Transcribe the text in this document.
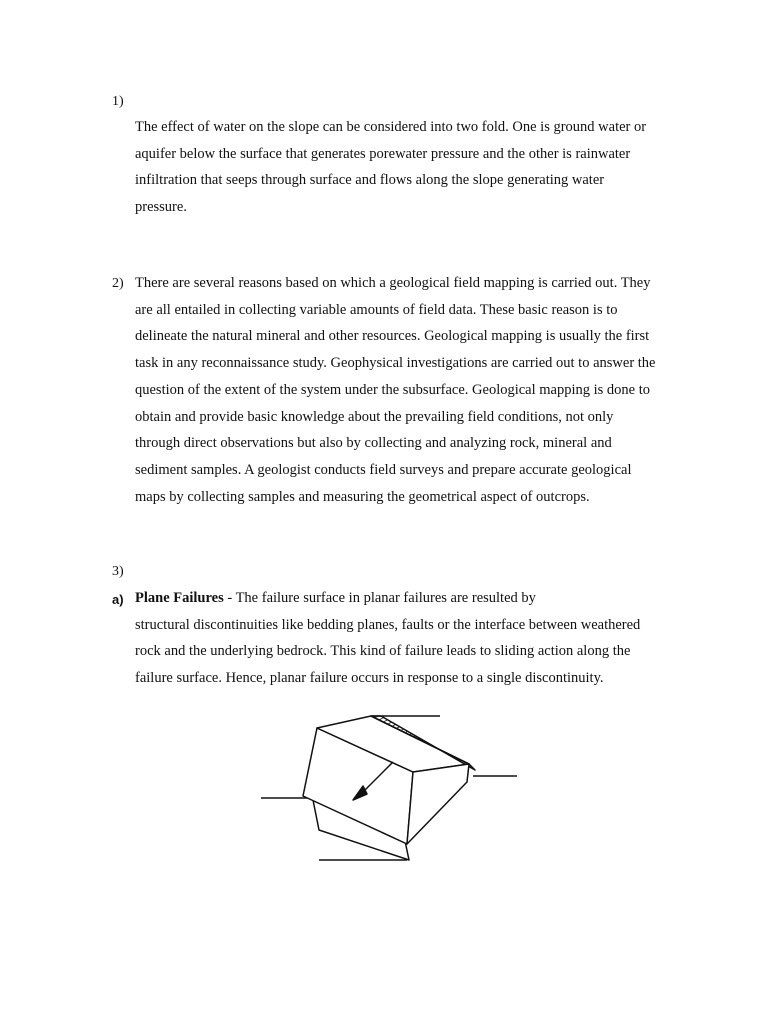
1)
The effect of water on the slope can be considered into two fold. One is ground water or
aquifer below the surface that generates porewater pressure and the other is rainwater
infiltration that seeps through surface and flows along the slope generating water
pressure.
2) There are several reasons based on which a geological field mapping is carried out. They
are all entailed in collecting variable amounts of field data. These basic reason is to
delineate the natural mineral and other resources. Geological mapping is usually the first
task in any reconnaissance study. Geophysical investigations are carried out to answer the
question of the extent of the system under the subsurface. Geological mapping is done to
obtain and provide basic knowledge about the prevailing field conditions, not only
through direct observations but also by collecting and analyzing rock, mineral and
sediment samples. A geologist conducts field surveys and prepare accurate geological
maps by collecting samples and measuring the geometrical aspect of outcrops.
3)
a) Plane Failures - The failure surface in planar failures are resulted by
structural discontinuities like bedding planes, faults or the interface between weathered
rock and the underlying bedrock. This kind of failure leads to sliding action along the
failure surface. Hence, planar failure occurs in response to a single discontinuity.
